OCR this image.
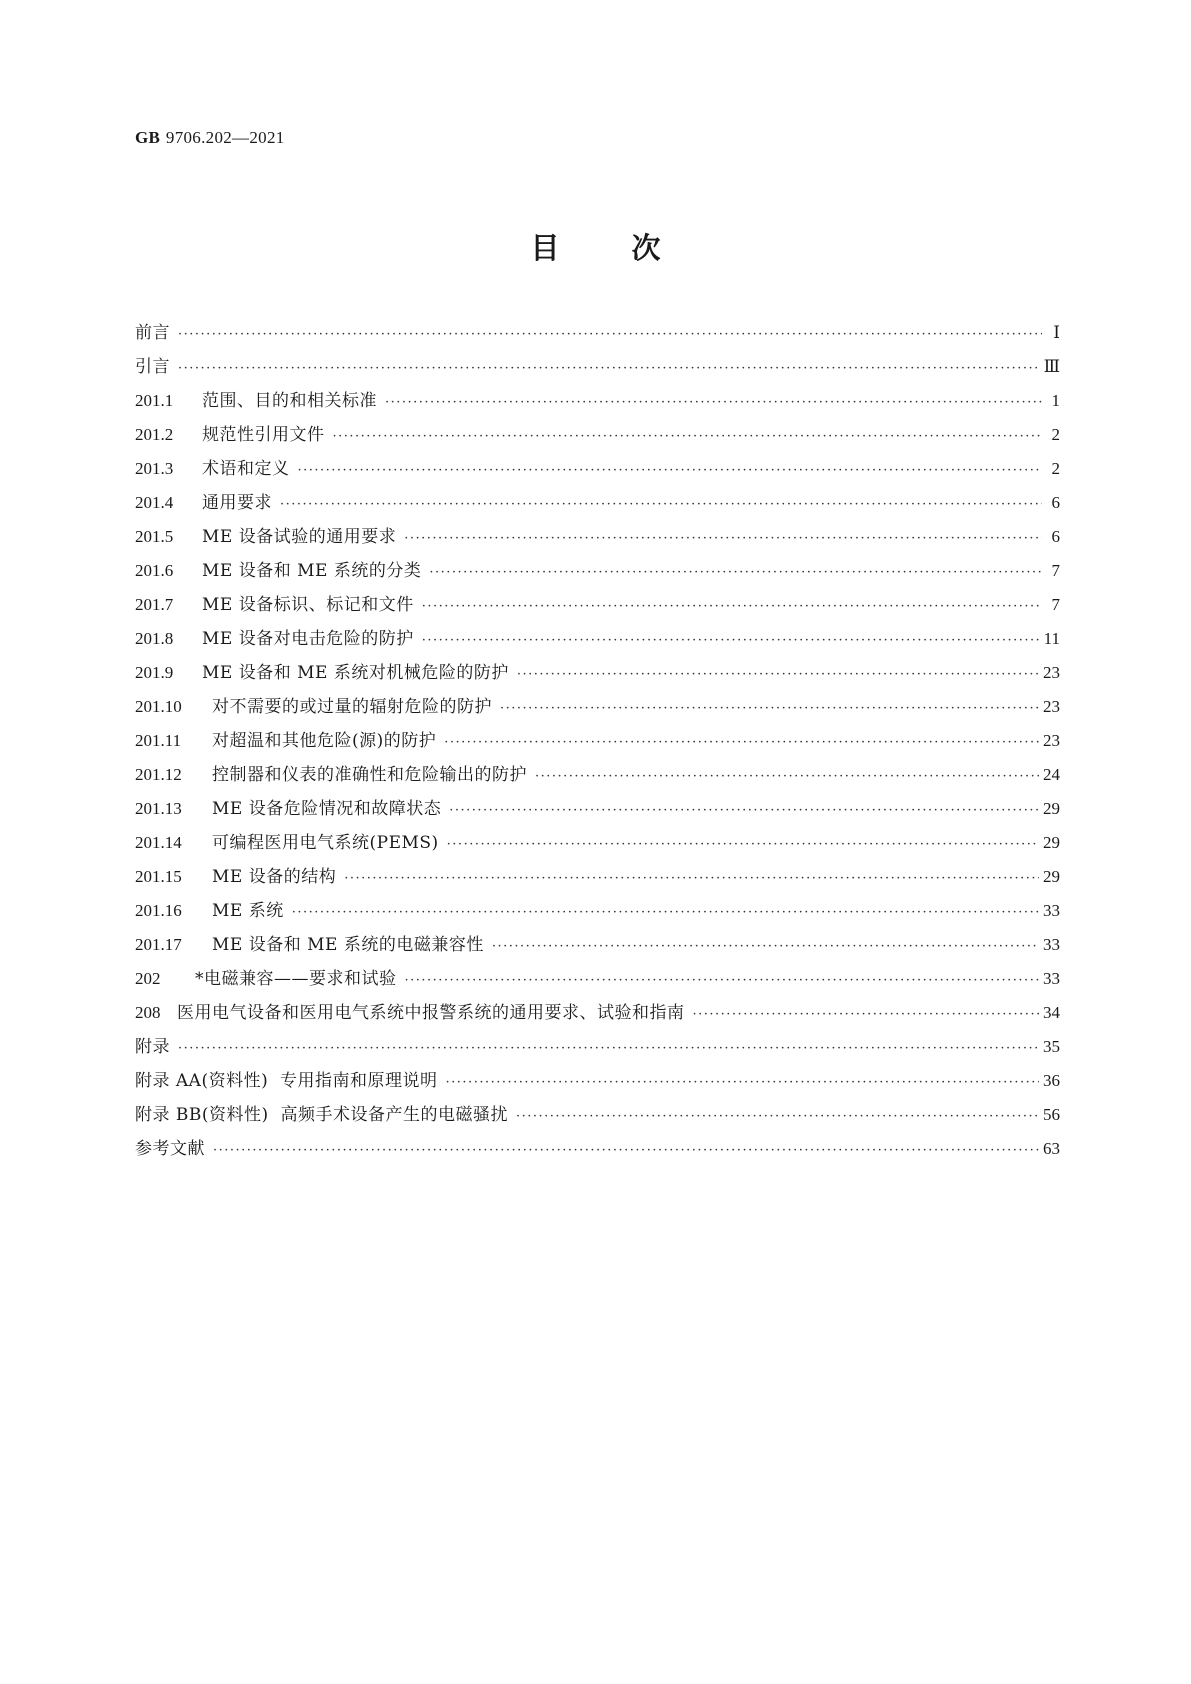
GB 9706.202—2021
目次
前言 ·····	Ⅰ
引言 ·····	Ⅲ
201.1	范围、目的和相关标准 ·····	1
201.2	规范性引用文件 ·····	2
201.3	术语和定义 ·····	2
201.4	通用要求 ·····	6
201.5	ME 设备试验的通用要求 ·····	6
201.6	ME 设备和 ME 系统的分类 ·····	7
201.7	ME 设备标识、标记和文件 ·····	7
201.8	ME 设备对电击危险的防护 ·····	11
201.9	ME 设备和 ME 系统对机械危险的防护 ·····	23
201.10	对不需要的或过量的辐射危险的防护 ·····	23
201.11	对超温和其他危险(源)的防护 ·····	23
201.12	控制器和仪表的准确性和危险输出的防护 ·····	24
201.13	ME 设备危险情况和故障状态 ·····	29
201.14	可编程医用电气系统(PEMS) ·····	29
201.15	ME 设备的结构 ·····	29
201.16	ME 系统 ·····	33
201.17	ME 设备和 ME 系统的电磁兼容性 ·····	33
202	*电磁兼容——要求和试验 ·····	33
208 医用电气设备和医用电气系统中报警系统的通用要求、试验和指南 ·····	34
附录 ·····	35
附录 AA(资料性)  专用指南和原理说明 ·····	36
附录 BB(资料性)  高频手术设备产生的电磁骚扰 ·····	56
参考文献 ·····	63
